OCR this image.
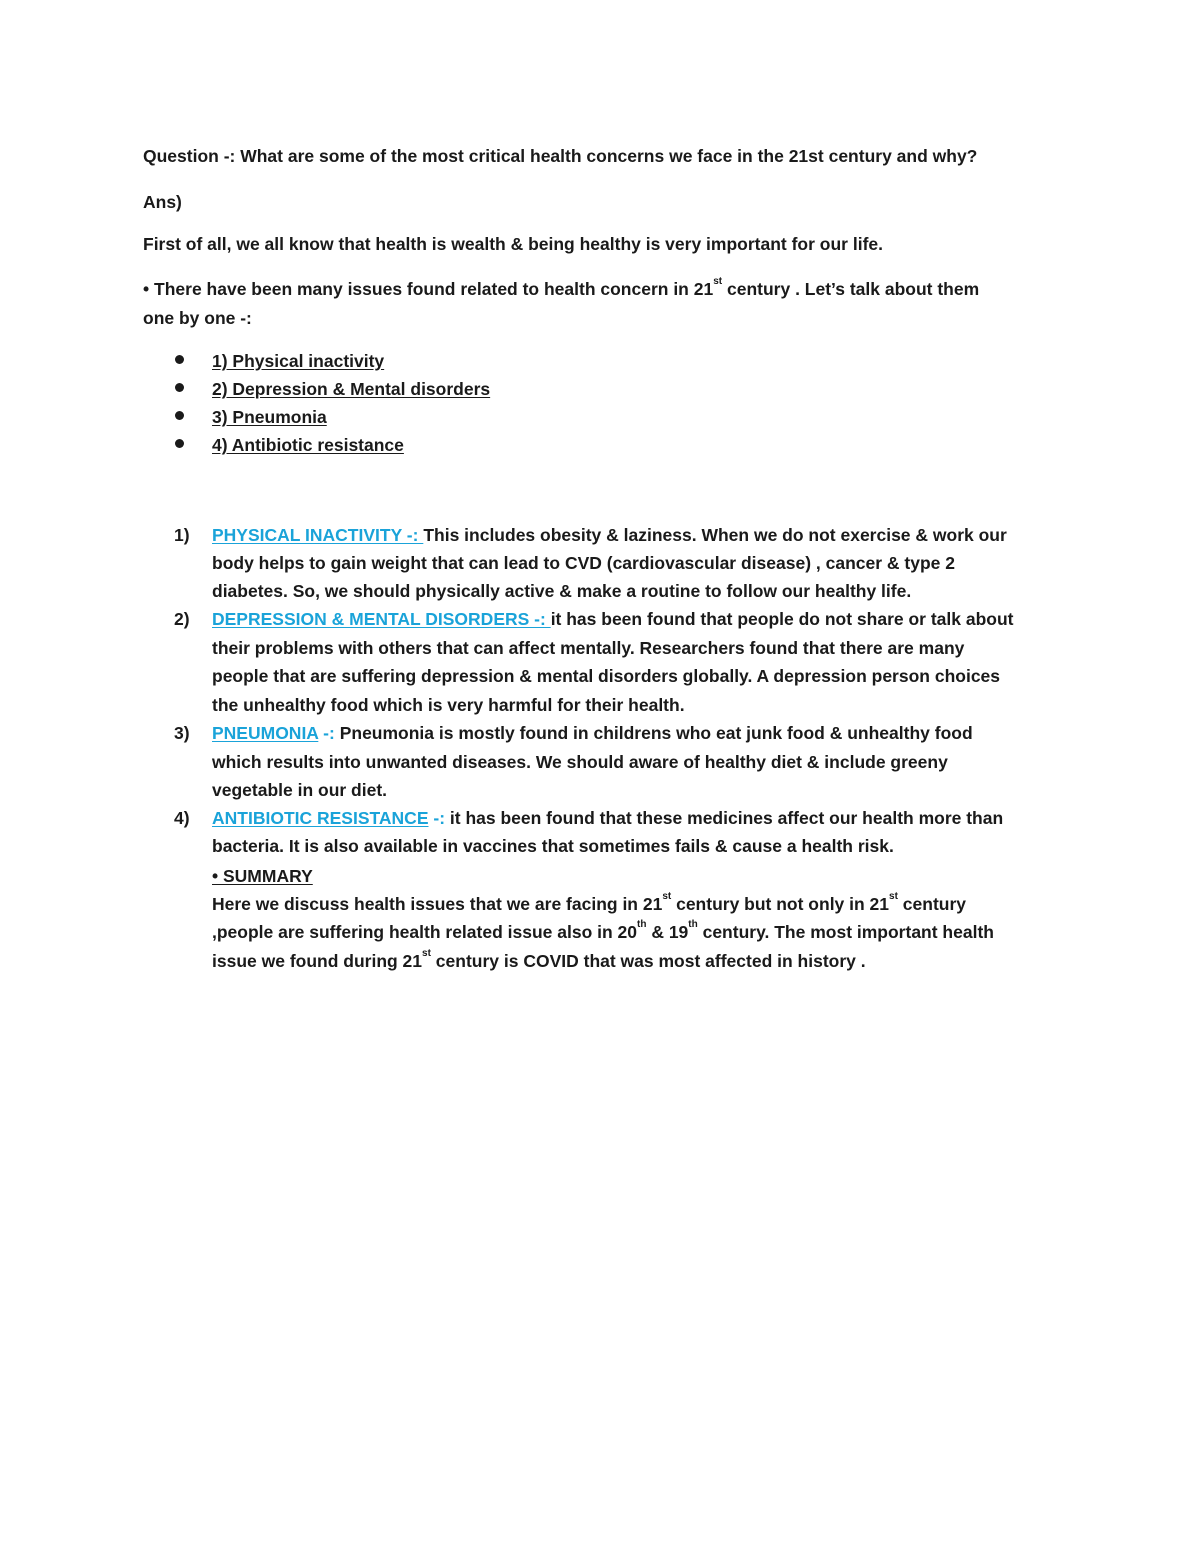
Question -: What are some of the most critical health concerns we face in the 21st century and why?
Ans)
First of all, we all know that health is wealth & being healthy is very important for our life.
• There have been many issues found related to health concern in 21st century . Let’s talk about them
one by one -:
1) Physical inactivity
2) Depression & Mental disorders
3) Pneumonia
4) Antibiotic resistance
1) PHYSICAL INACTIVITY -: This includes obesity & laziness. When we do not exercise & work our
body helps to gain weight that can lead to CVD (cardiovascular disease) , cancer & type 2
diabetes. So, we should physically active & make a routine to follow our healthy life.
2) DEPRESSION & MENTAL DISORDERS -: it has been found that people do not share or talk about
their problems with others that can affect mentally. Researchers found that there are many
people that are suffering depression & mental disorders globally. A depression person choices
the unhealthy food which is very harmful for their health.
3) PNEUMONIA -: Pneumonia is mostly found in childrens who eat junk food & unhealthy food
which results into unwanted diseases. We should aware of healthy diet & include greeny
vegetable in our diet.
4) ANTIBIOTIC RESISTANCE -: it has been found that these medicines affect our health more than
bacteria. It is also available in vaccines that sometimes fails & cause a health risk.
• SUMMARY
Here we discuss health issues that we are facing in 21st century but not only in 21st century
,people are suffering health related issue also in 20th & 19th century. The most important health
issue we found during 21st century is COVID that was most affected in history .
